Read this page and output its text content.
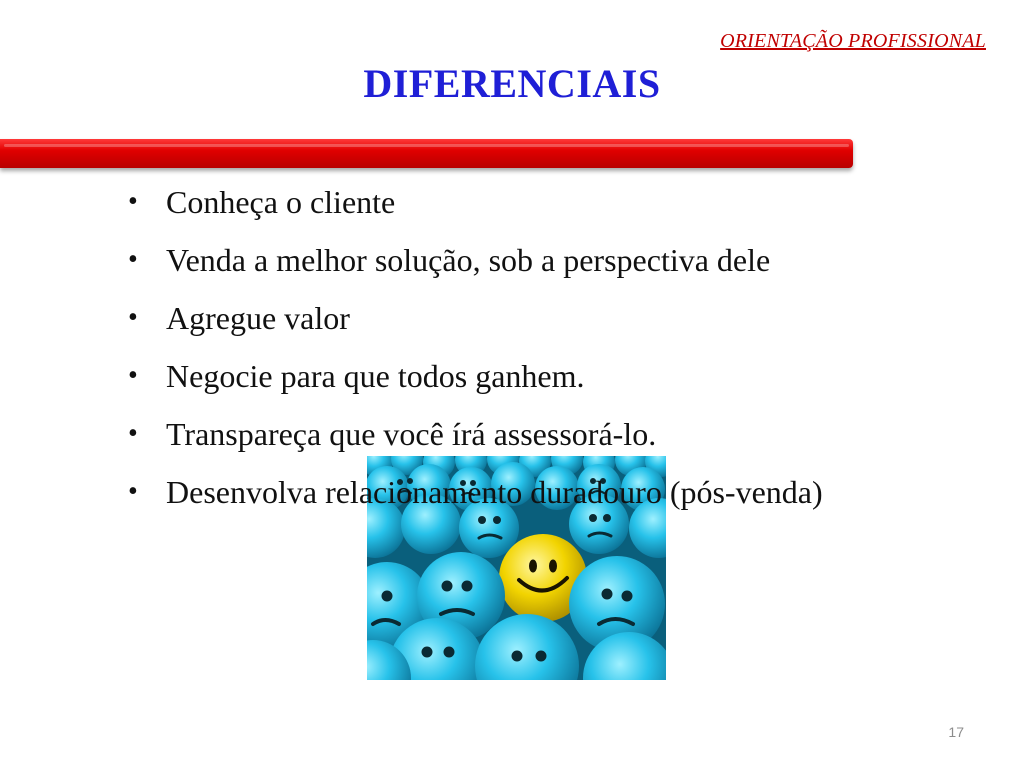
ORIENTAÇÃO PROFISSIONAL
DIFERENCIAIS
• Conheça o cliente
• Venda a melhor solução, sob a perspectiva dele
• Agregue valor
• Negocie para que todos ganhem.
• Transpareça que você írá assessorá-lo.
• Desenvolva relacionamento duradouro (pós-venda)
17
